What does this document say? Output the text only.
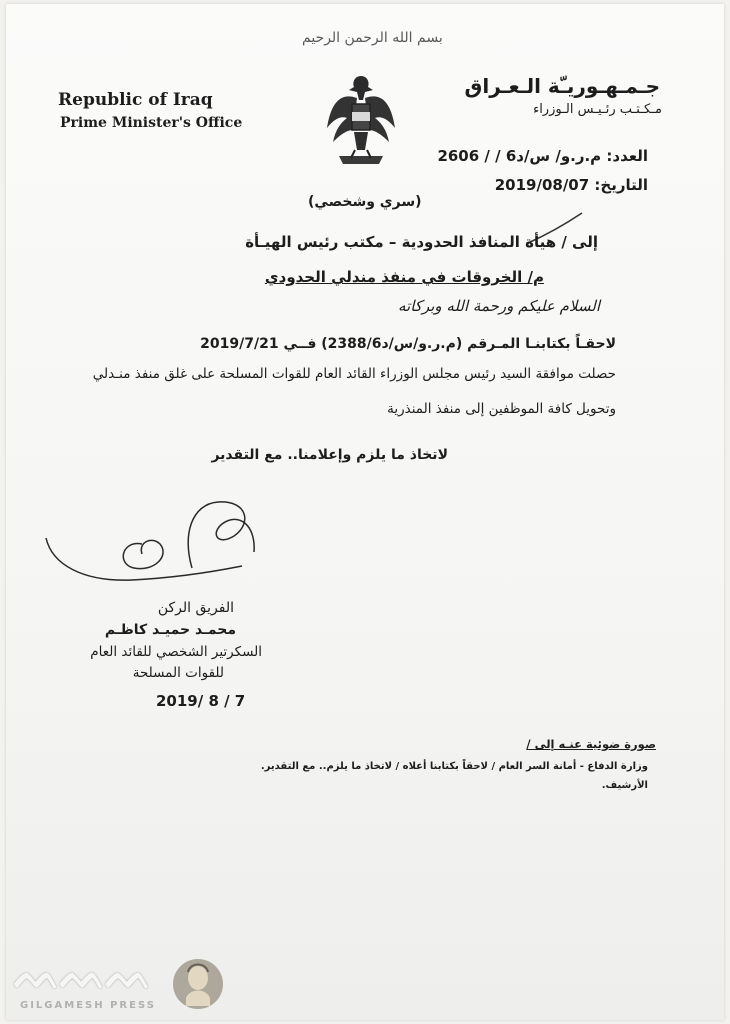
بسم الله الرحمن الرحيم
Republic of Iraq
Prime Minister's Office
جـمـهـوريـّة الـعـراق
مـكـتـب رئـيـس الـوزراء
العدد: م.ر.و/ س/د6 / / 2606
التاريخ: 2019/08/07
(سري وشخصي)
إلى / هيأة المنافذ الحدودية – مكتب رئيس الهيـأة
م/ الخروقات في منفذ مندلي الحدودي
السلام عليكم ورحمة الله وبركاته
لاحقـاً بكتابنـا المـرقم (م.ر.و/س/د2388/6) فــي 2019/7/21
حصلت موافقة السيد رئيس مجلس الوزراء القائد العام للقوات المسلحة على غلق منفذ منـدلي
وتحويل كافة الموظفين إلى منفذ المنذرية
لاتخاذ ما يلزم وإعلامنا.. مع التقدير
الفريق الركن
محمـد حميـد كاظـم
السكرتير الشخصي للقائد العام
للقوات المسلحة
2019/ 8 / 7
صورة ضوئية عنـه إلى /
وزارة الدفاع - أمانة السر العام / لاحقاً بكتابنا أعلاه / لاتخاذ ما يلزم.. مع التقدير.
الأرشيف.
ᨓᨓᨓ
GILGAMESH PRESS
